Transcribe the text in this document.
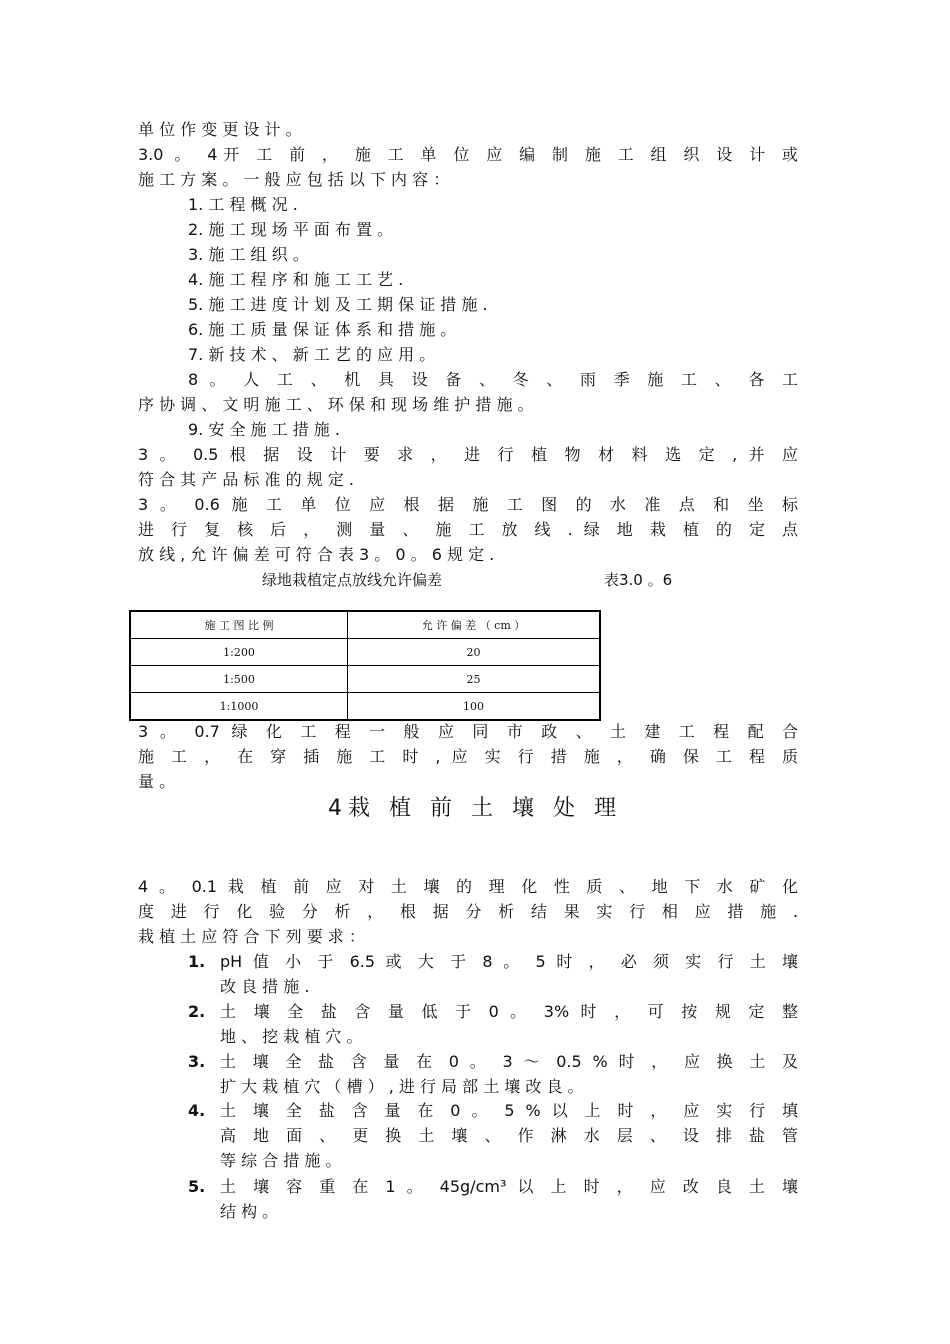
单 位 作 变 更 设 计 。
3.0 。 4开 工 前 ， 施 工 单 位 应 编 制 施 工 组 织 设 计 或
施 工 方 案 。 一 般 应 包 括 以 下 内 容 ：
1. 工 程 概 况 .
2. 施 工 现 场 平 面 布 置 。
3. 施 工 组 织 。
4. 施 工 程 序 和 施 工 工 艺 .
5. 施 工 进 度 计 划 及 工 期 保 证 措 施 .
6. 施 工 质 量 保 证 体 系 和 措 施 。
7. 新 技 术 、 新 工 艺 的 应 用 。
8 。 人 工 、 机 具 设 备 、 冬 、 雨 季 施 工 、 各 工
序 协 调 、 文 明 施 工 、 环 保 和 现 场 维 护 措 施 。
9. 安 全 施 工 措 施 .
3 。 0.5 根 据 设 计 要 求 ， 进 行 植 物 材 料 选 定 , 并 应
符 合 其 产 品 标 准 的 规 定 .
3 。 0.6 施 工 单 位 应 根 据 施 工 图 的 水 准 点 和 坐 标
进 行 复 核 后 ， 测 量 、 施 工 放 线 . 绿 地 栽 植 的 定 点
放 线 , 允 许 偏 差 可 符 合 表 3 。 0 。 6 规 定 .
绿地栽植定点放线允许偏差	表3.0 。6
施 工 图 比 例	允 许 偏 差 （ cm ）
1:200	20
1:500	25
1:1000	100
3 。 0.7 绿 化 工 程 一 般 应 同 市 政 、 土 建 工 程 配 合
施 工 ， 在 穿 插 施 工 时 , 应 实 行 措 施 ， 确 保 工 程 质
量 。
4栽 植 前 土 壤 处 理
4 。 0.1 栽 植 前 应 对 土 壤 的 理 化 性 质 、 地 下 水 矿 化
度 进 行 化 验 分 析 ， 根 据 分 析 结 果 实 行 相 应 措 施 .
栽 植 土 应 符 合 下 列 要 求 ：
1. pH 值 小 于 6.5 或 大 于 8 。 5 时 ， 必 须 实 行 土 壤
改 良 措 施 .
2. 土 壤 全 盐 含 量 低 于 0 。 3% 时 ， 可 按 规 定 整
地 、 挖 栽 植 穴 。
3. 土 壤 全 盐 含 量 在 0 。 3 ～ 0.5 % 时 ， 应 换 土 及
扩 大 栽 植 穴 （ 槽 ） , 进 行 局 部 土 壤 改 良 。
4. 土 壤 全 盐 含 量 在 0 。 5 % 以 上 时 ， 应 实 行 填
高 地 面 、 更 换 土 壤 、 作 淋 水 层 、 设 排 盐 管
等 综 合 措 施 。
5. 土 壤 容 重 在 1 。 45g/cm³ 以 上 时 ， 应 改 良 土 壤
结 构 。
